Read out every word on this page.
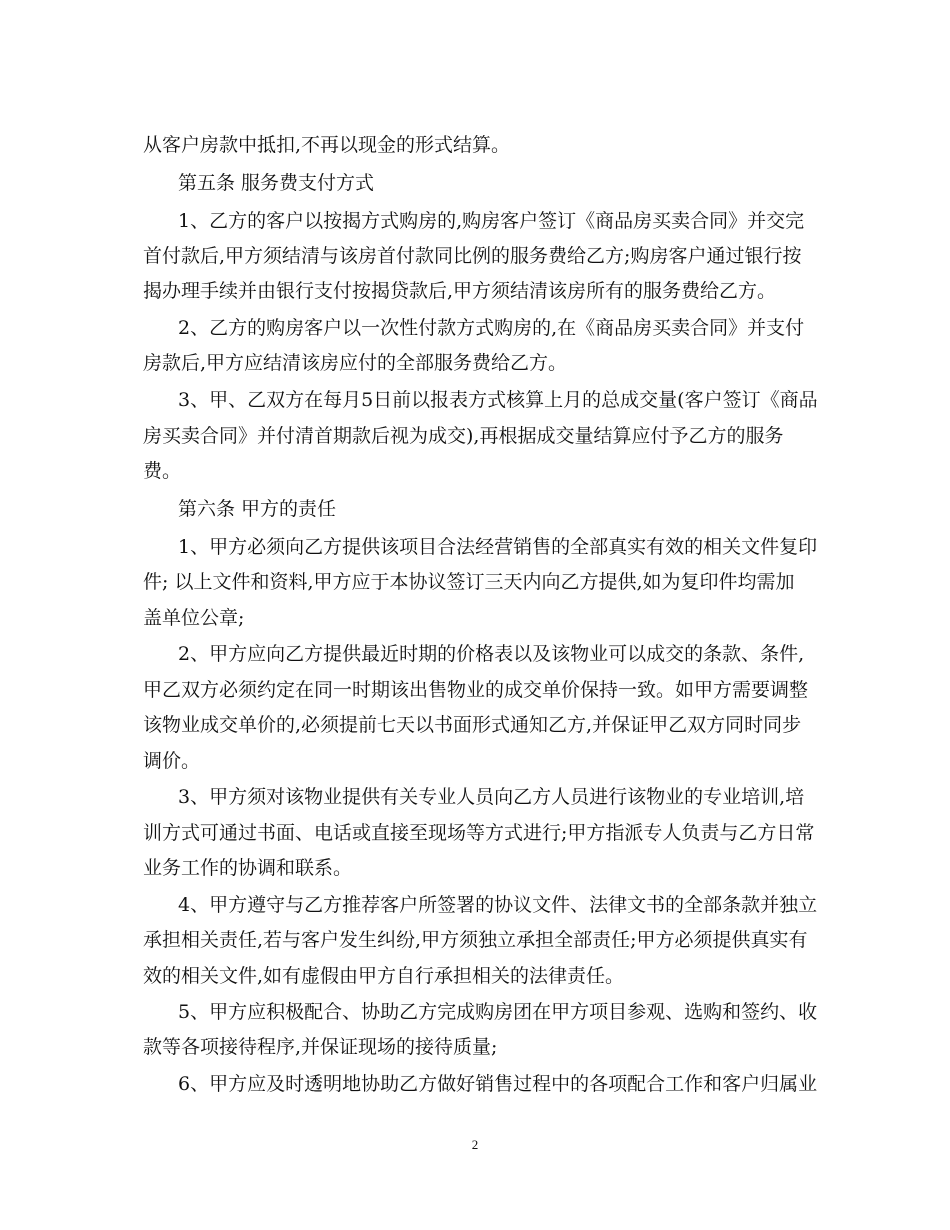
从客户房款中抵扣,不再以现金的形式结算。
第五条 服务费支付方式
1、乙方的客户以按揭方式购房的,购房客户签订《商品房买卖合同》并交完
首付款后,甲方须结清与该房首付款同比例的服务费给乙方;购房客户通过银行按
揭办理手续并由银行支付按揭贷款后,甲方须结清该房所有的服务费给乙方。
2、乙方的购房客户以一次性付款方式购房的,在《商品房买卖合同》并支付
房款后,甲方应结清该房应付的全部服务费给乙方。
3、甲、乙双方在每月5日前以报表方式核算上月的总成交量(客户签订《商品
房买卖合同》并付清首期款后视为成交),再根据成交量结算应付予乙方的服务
费。
第六条 甲方的责任
1、甲方必须向乙方提供该项目合法经营销售的全部真实有效的相关文件复印
件; 以上文件和资料,甲方应于本协议签订三天内向乙方提供,如为复印件均需加
盖单位公章;
2、甲方应向乙方提供最近时期的价格表以及该物业可以成交的条款、条件,
甲乙双方必须约定在同一时期该出售物业的成交单价保持一致。如甲方需要调整
该物业成交单价的,必须提前七天以书面形式通知乙方,并保证甲乙双方同时同步
调价。
3、甲方须对该物业提供有关专业人员向乙方人员进行该物业的专业培训,培
训方式可通过书面、电话或直接至现场等方式进行;甲方指派专人负责与乙方日常
业务工作的协调和联系。
4、甲方遵守与乙方推荐客户所签署的协议文件、法律文书的全部条款并独立
承担相关责任,若与客户发生纠纷,甲方须独立承担全部责任;甲方必须提供真实有
效的相关文件,如有虚假由甲方自行承担相关的法律责任。
5、甲方应积极配合、协助乙方完成购房团在甲方项目参观、选购和签约、收
款等各项接待程序,并保证现场的接待质量;
6、甲方应及时透明地协助乙方做好销售过程中的各项配合工作和客户归属业
2
